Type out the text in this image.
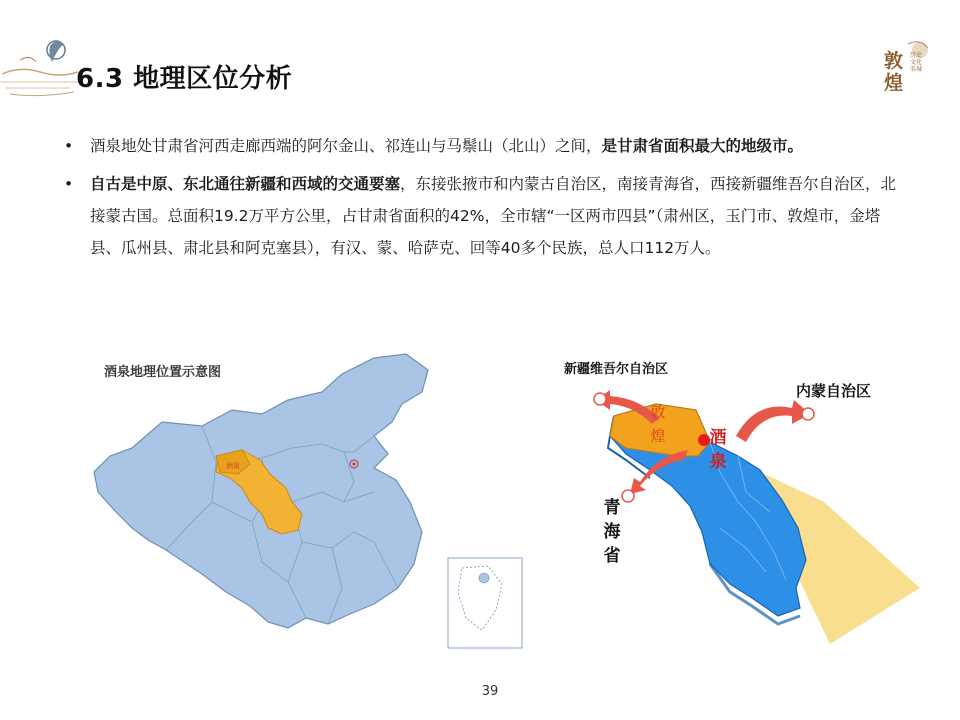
6.3 地理区位分析
敦煌
历史文化名城
• 酒泉地处甘肃省河西走廊西端的阿尔金山、祁连山与马鬃山（北山）之间，是甘肃省面积最大的地级市。
• 自古是中原、东北通往新疆和西域的交通要塞，东接张掖市和内蒙古自治区，南接青海省，西接新疆维吾尔自治区，北接蒙古国。总面积19.2万平方公里，占甘肃省面积的42%，全市辖“一区两市四县”（肃州区，玉门市、敦煌市，金塔县、瓜州县、肃北县和阿克塞县），有汉、蒙、哈萨克、回等40多个民族，总人口112万人。
酒泉
酒泉地理位置示意图	新疆维吾尔自治区
内蒙自治区
青海省
敦煌	酒泉
39
